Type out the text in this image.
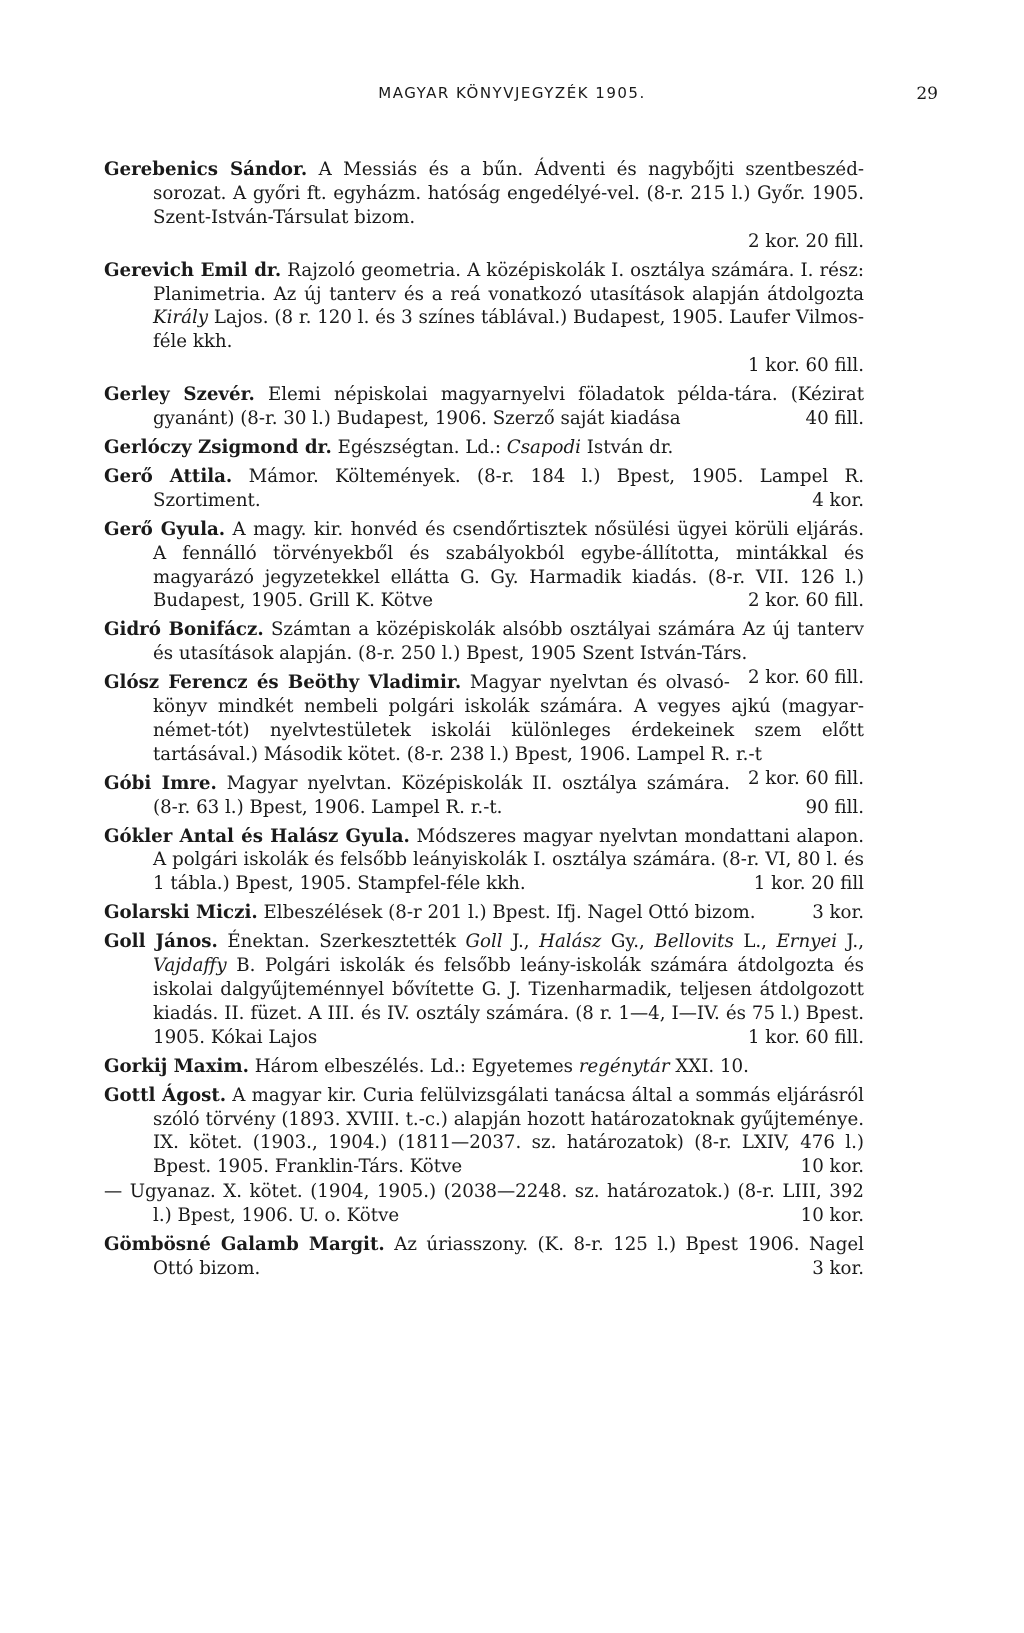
MAGYAR KÖNYVJEGYZÉK 1905.	29

Gerebenics Sándor. A Messiás és a bűn. Ádventi és nagybőjti szentbeszéd-sorozat. A győri ft. egyházm. hatóság engedélyé-vel. (8-r. 215 l.) Győr. 1905. Szent-István-Társulat bizom.
2 kor. 20 fill.

Gerevich Emil dr. Rajzoló geometria. A középiskolák I. osztálya számára. I. rész: Planimetria. Az új tanterv és a reá vonatkozó utasítások alapján átdolgozta Király Lajos. (8 r. 120 l. és 3 színes táblával.) Budapest, 1905. Laufer Vilmos-féle kkh.
1 kor. 60 fill.

Gerley Szevér. Elemi népiskolai magyarnyelvi föladatok példa-tára. (Kézirat gyanánt) (8-r. 30 l.) Budapest, 1906. Szerző saját kiadása	40 fill.

Gerlóczy Zsigmond dr. Egészségtan. Ld.: Csapodi István dr.

Gerő Attila. Mámor. Költemények. (8-r. 184 l.) Bpest, 1905. Lampel R. Szortiment.	4 kor.

Gerő Gyula. A magy. kir. honvéd és csendőrtisztek nősülési ügyei körüli eljárás. A fennálló törvényekből és szabályokból egybe-állította, mintákkal és magyarázó jegyzetekkel ellátta G. Gy. Harmadik kiadás. (8-r. VII. 126 l.) Budapest, 1905. Grill K. Kötve	2 kor. 60 fill.

Gidró Bonifácz. Számtan a középiskolák alsóbb osztályai számára Az új tanterv és utasítások alapján. (8-r. 250 l.) Bpest, 1905 Szent István-Társ.
2 kor. 60 fill.

Glósz Ferencz és Beöthy Vladimir. Magyar nyelvtan és olvasó-könyv mindkét nembeli polgári iskolák számára. A vegyes ajkú (magyar-német-tót) nyelvtestületek iskolái különleges érdekeinek szem előtt tartásával.) Második kötet. (8-r. 238 l.) Bpest, 1906. Lampel R. r.-t
2 kor. 60 fill.

Góbi Imre. Magyar nyelvtan. Középiskolák II. osztálya számára. (8-r. 63 l.) Bpest, 1906. Lampel R. r.-t.	90 fill.

Gókler Antal és Halász Gyula. Módszeres magyar nyelvtan mondattani alapon. A polgári iskolák és felsőbb leányiskolák I. osztálya számára. (8-r. VI, 80 l. és 1 tábla.) Bpest, 1905. Stampfel-féle kkh.	1 kor. 20 fill

Golarski Miczi. Elbeszélések (8-r 201 l.) Bpest. Ifj. Nagel Ottó bizom.	3 kor.

Goll János. Énektan. Szerkesztették Goll J., Halász Gy., Bellovits L., Ernyei J., Vajdaffy B. Polgári iskolák és felsőbb leány-iskolák számára átdolgozta és iskolai dalgyűjteménnyel bővítette G. J. Tizenharmadik, teljesen átdolgozott kiadás. II. füzet. A III. és IV. osztály számára. (8 r. 1—4, I—IV. és 75 l.) Bpest. 1905. Kókai Lajos	1 kor. 60 fill.

Gorkij Maxim. Három elbeszélés. Ld.: Egyetemes regénytár XXI. 10.

Gottl Ágost. A magyar kir. Curia felülvizsgálati tanácsa által a sommás eljárásról szóló törvény (1893. XVIII. t.-c.) alapján hozott határozatoknak gyűjteménye. IX. kötet. (1903., 1904.) (1811—2037. sz. határozatok) (8-r. LXIV, 476 l.) Bpest. 1905. Franklin-Társ. Kötve	10 kor.

— Ugyanaz. X. kötet. (1904, 1905.) (2038—2248. sz. határozatok.) (8-r. LIII, 392 l.) Bpest, 1906. U. o. Kötve	10 kor.

Gömbösné Galamb Margit. Az úriasszony. (K. 8-r. 125 l.) Bpest 1906. Nagel Ottó bizom.	3 kor.
